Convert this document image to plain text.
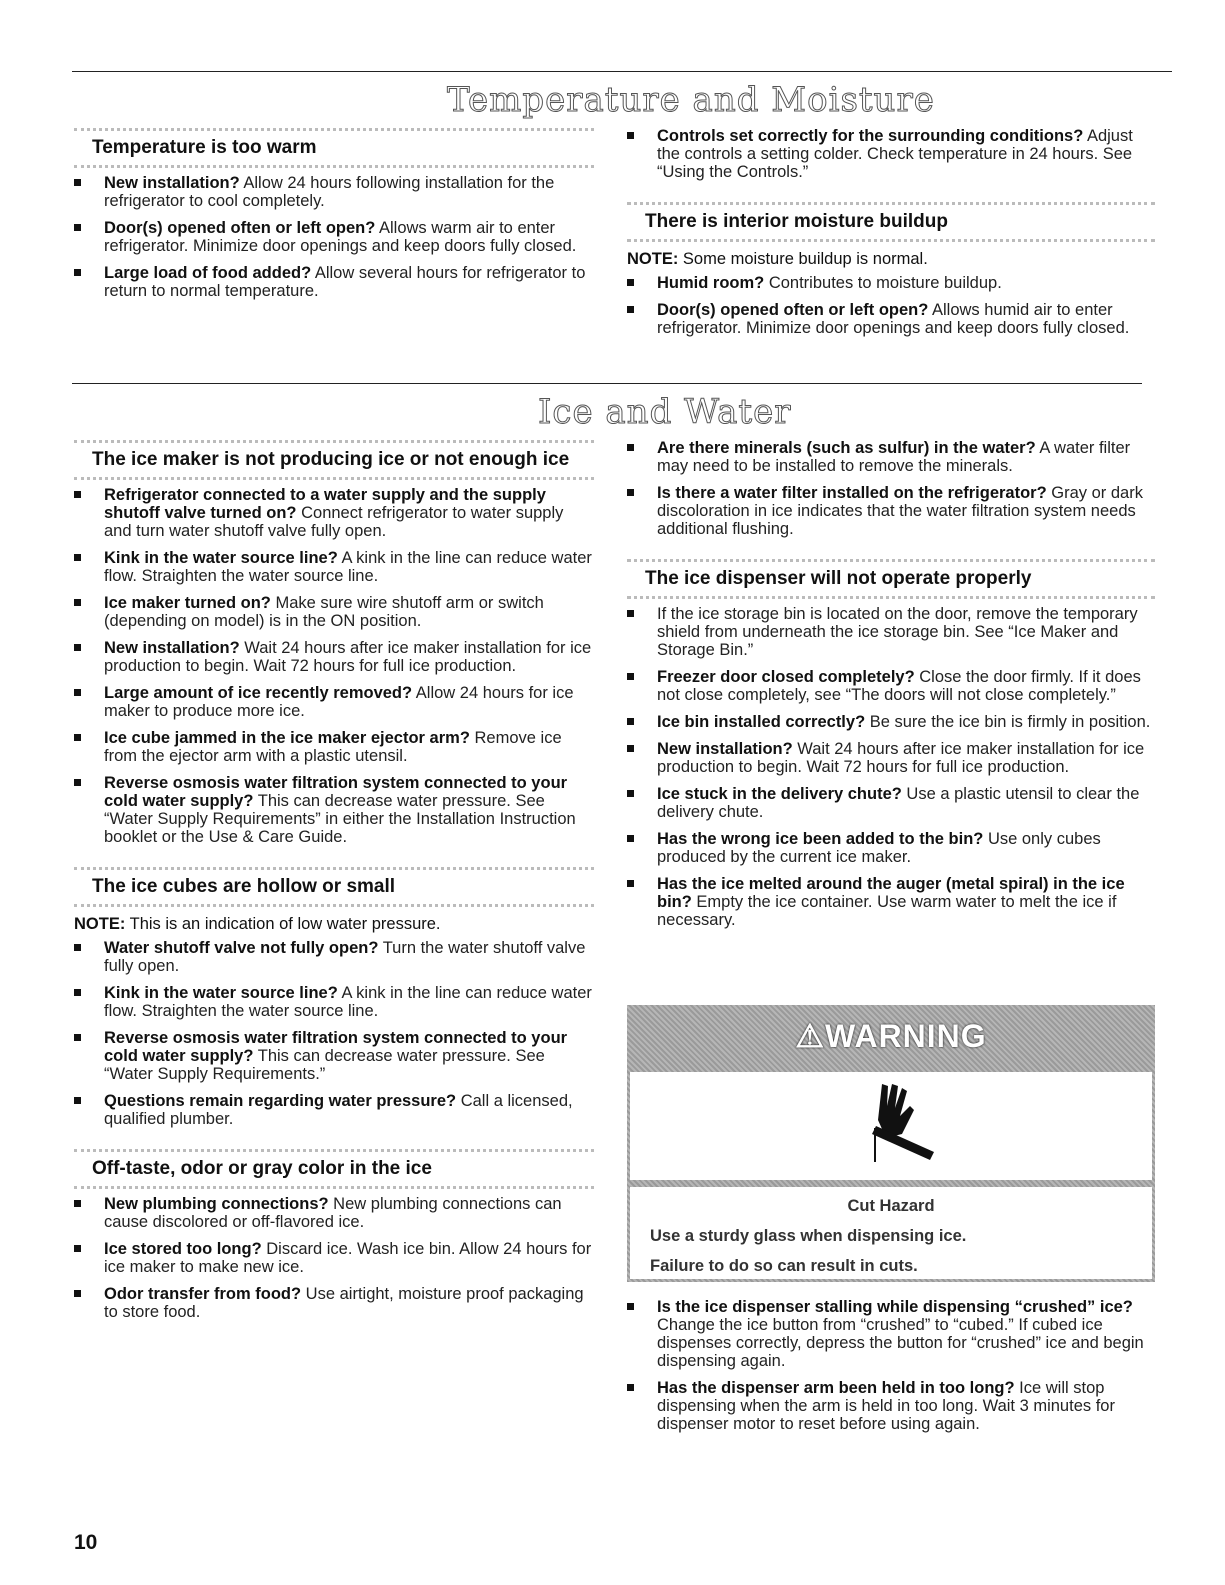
Temperature and Moisture
Temperature is too warm
New installation? Allow 24 hours following installation for the refrigerator to cool completely.
Door(s) opened often or left open? Allows warm air to enter refrigerator. Minimize door openings and keep doors fully closed.
Large load of food added? Allow several hours for refrigerator to return to normal temperature.
Controls set correctly for the surrounding conditions? Adjust the controls a setting colder. Check temperature in 24 hours. See “Using the Controls.”
There is interior moisture buildup
NOTE: Some moisture buildup is normal.
Humid room? Contributes to moisture buildup.
Door(s) opened often or left open? Allows humid air to enter refrigerator. Minimize door openings and keep doors fully closed.
Ice and Water
The ice maker is not producing ice or not enough ice
Refrigerator connected to a water supply and the supply shutoff valve turned on? Connect refrigerator to water supply and turn water shutoff valve fully open.
Kink in the water source line? A kink in the line can reduce water flow. Straighten the water source line.
Ice maker turned on? Make sure wire shutoff arm or switch (depending on model) is in the ON position.
New installation? Wait 24 hours after ice maker installation for ice production to begin. Wait 72 hours for full ice production.
Large amount of ice recently removed? Allow 24 hours for ice maker to produce more ice.
Ice cube jammed in the ice maker ejector arm? Remove ice from the ejector arm with a plastic utensil.
Reverse osmosis water filtration system connected to your cold water supply? This can decrease water pressure. See “Water Supply Requirements” in either the Installation Instruction booklet or the Use & Care Guide.
The ice cubes are hollow or small
NOTE: This is an indication of low water pressure.
Water shutoff valve not fully open? Turn the water shutoff valve fully open.
Kink in the water source line? A kink in the line can reduce water flow. Straighten the water source line.
Reverse osmosis water filtration system connected to your cold water supply? This can decrease water pressure. See “Water Supply Requirements.”
Questions remain regarding water pressure? Call a licensed, qualified plumber.
Off-taste, odor or gray color in the ice
New plumbing connections? New plumbing connections can cause discolored or off-flavored ice.
Ice stored too long? Discard ice. Wash ice bin. Allow 24 hours for ice maker to make new ice.
Odor transfer from food? Use airtight, moisture proof packaging to store food.
Are there minerals (such as sulfur) in the water? A water filter may need to be installed to remove the minerals.
Is there a water filter installed on the refrigerator? Gray or dark discoloration in ice indicates that the water filtration system needs additional flushing.
The ice dispenser will not operate properly
If the ice storage bin is located on the door, remove the temporary shield from underneath the ice storage bin. See “Ice Maker and Storage Bin.”
Freezer door closed completely? Close the door firmly. If it does not close completely, see “The doors will not close completely.”
Ice bin installed correctly? Be sure the ice bin is firmly in position.
New installation? Wait 24 hours after ice maker installation for ice production to begin. Wait 72 hours for full ice production.
Ice stuck in the delivery chute? Use a plastic utensil to clear the delivery chute.
Has the wrong ice been added to the bin? Use only cubes produced by the current ice maker.
Has the ice melted around the auger (metal spiral) in the ice bin? Empty the ice container. Use warm water to melt the ice if necessary.
⚠WARNING
Cut Hazard
Use a sturdy glass when dispensing ice.
Failure to do so can result in cuts.
Is the ice dispenser stalling while dispensing “crushed” ice? Change the ice button from “crushed” to “cubed.” If cubed ice dispenses correctly, depress the button for “crushed” ice and begin dispensing again.
Has the dispenser arm been held in too long? Ice will stop dispensing when the arm is held in too long. Wait 3 minutes for dispenser motor to reset before using again.
10
